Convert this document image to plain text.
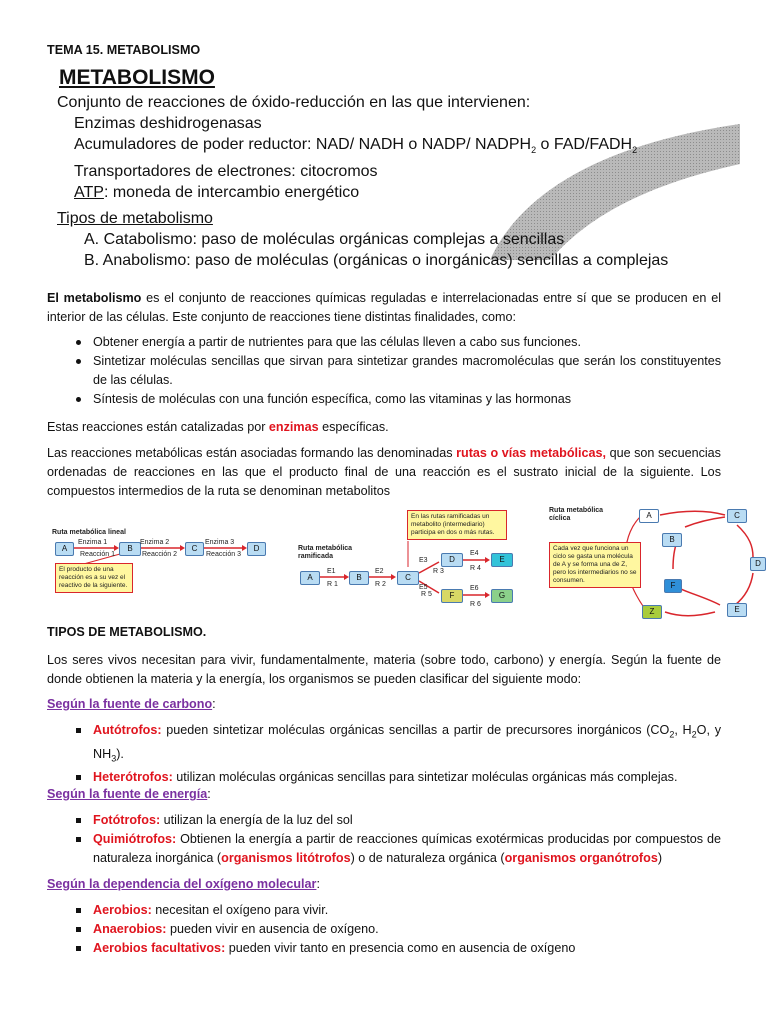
TEMA 15. METABOLISMO
METABOLISMO
Conjunto de reacciones de óxido-reducción en las que intervienen:
Enzimas deshidrogenasas
Acumuladores de poder reductor: NAD/ NADH o NADP/ $NADPH_2$ o FAD/$FADH_2$
Transportadores de electrones: citocromos
ATP: moneda de intercambio energético
Tipos de metabolismo
A. Catabolismo: paso de moléculas orgánicas complejas a sencillas
B. Anabolismo: paso de moléculas (orgánicas o inorgánicas) sencillas a complejas
El metabolismo es el conjunto de reacciones químicas reguladas e interrelacionadas entre sí que se producen en el interior de las células. Este conjunto de reacciones tiene distintas finalidades, como:
Obtener energía a partir de nutrientes para que las células lleven a cabo sus funciones.
Sintetizar moléculas sencillas que sirvan para sintetizar grandes macromoléculas que serán los constituyentes de las células.
Síntesis de moléculas con una función específica, como las vitaminas y las hormonas
Estas reacciones están catalizadas por enzimas específicas.
Las reacciones metabólicas están asociadas formando las denominadas rutas o vías metabólicas, que son secuencias ordenadas de reacciones en las que el producto final de una reacción es el sustrato inicial de la siguiente. Los compuestos intermedios de la ruta se denominan metabolitos
Ruta metabólica lineal
A	B	C	D
Enzima 1	Enzima 2	Enzima 3
Reacción 1	Reacción 2	Reacción 3
El producto de una reacción es a su vez el reactivo de la siguiente.
Ruta metabólica ramificada
En las rutas ramificadas un metabolito (intermediario) participa en dos o más rutas.
A	B	C
D	E
F	G
E1	E2
E3
E4
E5	E6
R 1	R 2
R 3	R 4
R 5
R 6
Ruta metabólica cíclica
Cada vez que funciona un ciclo se gasta una molécula de A y se forma una de Z, pero los intermediarios no se consumen.
A
B
C
D
E
F
Z
TIPOS DE METABOLISMO.
Los seres vivos necesitan para vivir, fundamentalmente, materia (sobre todo, carbono) y energía. Según la fuente de donde obtienen la materia y la energía, los organismos se pueden clasificar del siguiente modo:
Según la fuente de carbono:
Autótrofos: pueden sintetizar moléculas orgánicas sencillas a partir de precursores inorgánicos ($CO_2$, $H_2O$, y $NH_3$).
Heterótrofos: utilizan moléculas orgánicas sencillas para sintetizar moléculas orgánicas más complejas.
Según la fuente de energía:
Fotótrofos: utilizan la energía de la luz del sol
Quimiótrofos: Obtienen la energía a partir de reacciones químicas exotérmicas producidas por compuestos de naturaleza inorgánica (organismos litótrofos) o de naturaleza orgánica (organismos organótrofos)
Según la dependencia del oxígeno molecular:
Aerobios: necesitan el oxígeno para vivir.
Anaerobios: pueden vivir en ausencia de oxígeno.
Aerobios facultativos: pueden vivir tanto en presencia como en ausencia de oxígeno
